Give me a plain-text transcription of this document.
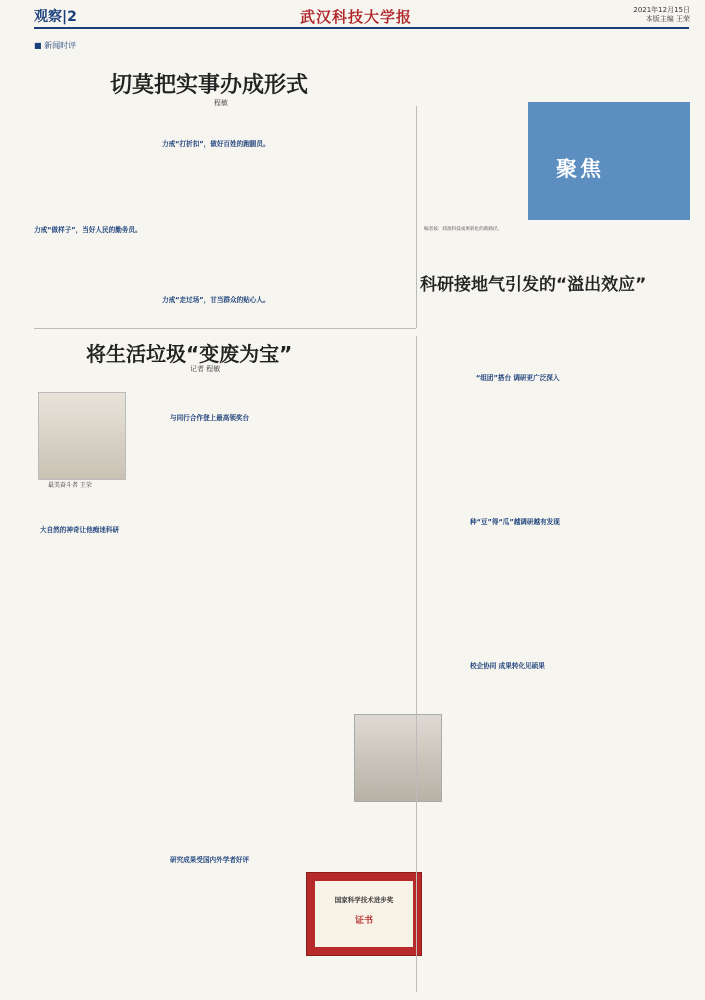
观察|2	武汉科技大学报	2021年12月15日
本版主编 王荣
■ 新闻时评
切莫把实事办成形式
程敏
力戒“做样子”，当好人民的勤务员。
力戒“打折扣”，做好百姓的跑腿员。
力戒“走过场”，甘当群众的贴心人。
聚焦
编者按：找准科技成果转化的新路径。
科研接地气引发的“溢出效应”
“组团”搭台 调研更广泛深入
种“豆”得“瓜”越调研越有发现
校企协同 成果转化见硕果
将生活垃圾“变废为宝”
记者 程敏
最美奋斗者 王荣
大自然的神奇让他痴迷科研
与同行合作登上最高领奖台
研究成果受国内外学者好评
国家科学技术进步奖
证书
